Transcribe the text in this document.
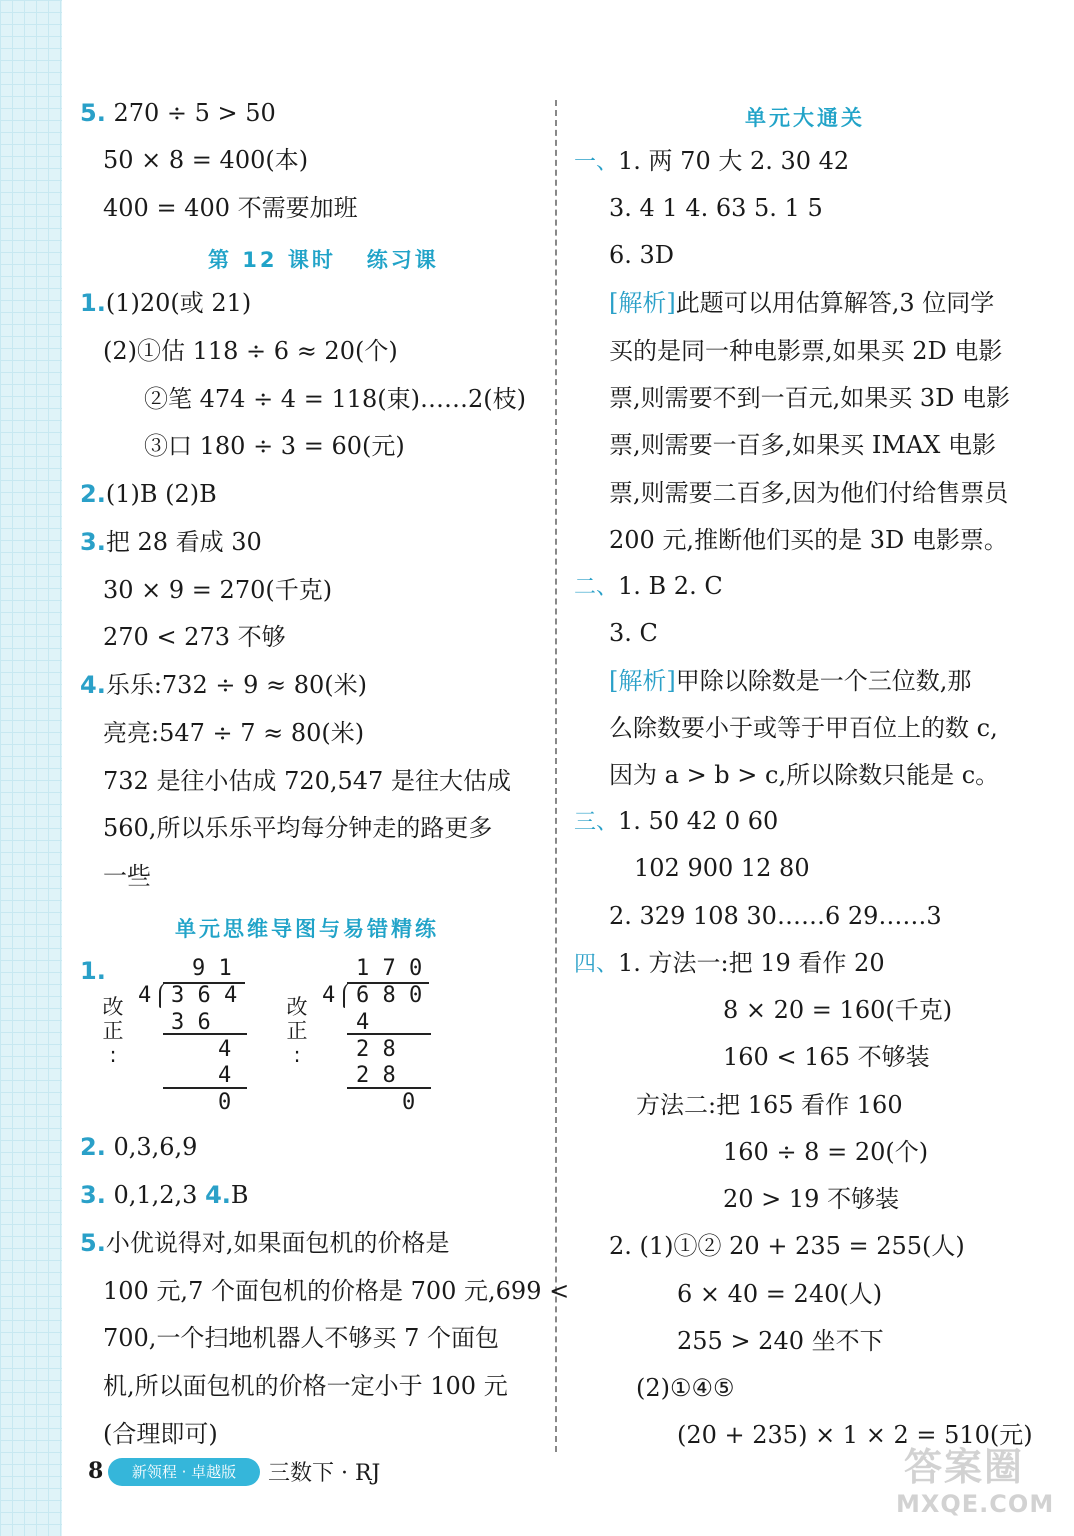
5. 270 ÷ 5 > 50
50 × 8 = 400(本)
400 = 400 不需要加班
第 12 课时   练习课
1.(1)20(或 21)
(2)①估 118 ÷ 6 ≈ 20(个)
②笔 474 ÷ 4 = 118(束)……2(枝)
③口 180 ÷ 3 = 60(元)
2.(1)B (2)B
3.把 28 看成 30
30 × 9 = 270(千克)
270 < 273 不够
4.乐乐:732 ÷ 9 ≈ 80(米)
亮亮:547 ÷ 7 ≈ 80(米)
732 是往小估成 720,547 是往大估成
560,所以乐乐平均每分钟走的路更多
一些
单元思维导图与易错精练
1.
改
正
:
9 1
4 3 6 4
3 6
4
4
0
改
正
:
1 7 0
4 6 8 0
4
2 8
2 8
0
2. 0,3,6,9
3. 0,1,2,3 4.B
5.小优说得对,如果面包机的价格是
100 元,7 个面包机的价格是 700 元,699 <
700,一个扫地机器人不够买 7 个面包
机,所以面包机的价格一定小于 100 元
(合理即可)
单元大通关
一、1. 两 70 大 2. 30 42
3. 4 1 4. 63 5. 1 5
6. 3D
[解析]此题可以用估算解答,3 位同学
买的是同一种电影票,如果买 2D 电影
票,则需要不到一百元,如果买 3D 电影
票,则需要一百多,如果买 IMAX 电影
票,则需要二百多,因为他们付给售票员
200 元,推断他们买的是 3D 电影票。
二、1. B 2. C
3. C
[解析]甲除以除数是一个三位数,那
么除数要小于或等于甲百位上的数 c,
因为 a > b > c,所以除数只能是 c。
三、1. 50 42 0 60
102 900 12 80
2. 329 108 30……6 29……3
四、1. 方法一:把 19 看作 20
8 × 20 = 160(千克)
160 < 165 不够装
方法二:把 165 看作 160
160 ÷ 8 = 20(个)
20 > 19 不够装
2. (1)①② 20 + 235 = 255(人)
6 × 40 = 240(人)
255 > 240 坐不下
(2)①④⑤
(20 + 235) × 1 × 2 = 510(元)
8	新领程 · 卓越版	三数下 · RJ	答案圈
MXQE.COM
